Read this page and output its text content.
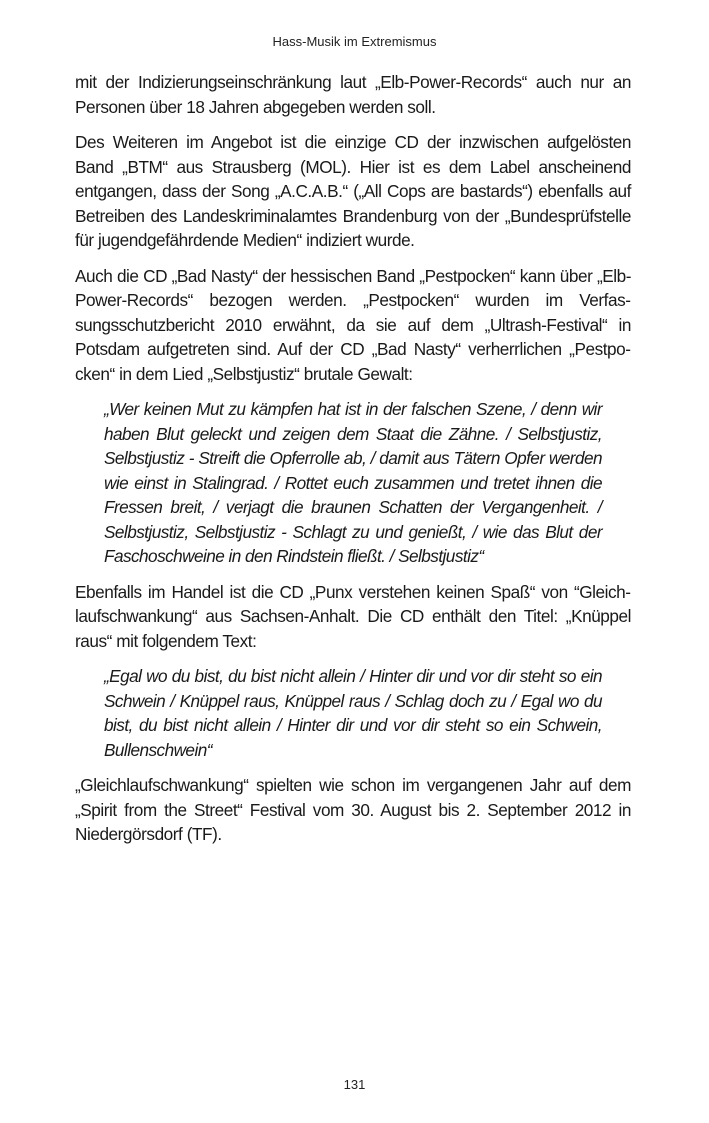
Hass-Musik im Extremismus

mit der Indizierungseinschränkung laut „Elb-Power-Records“ auch nur an Personen über 18 Jahren abgegeben werden soll.

Des Weiteren im Angebot ist die einzige CD der inzwischen aufgelösten Band „BTM“ aus Strausberg (MOL). Hier ist es dem Label anscheinend entgangen, dass der Song „A.C.A.B.“ („All Cops are bastards“) ebenfalls auf Betreiben des Landeskriminalamtes Brandenburg von der „Bundesprüfstelle für jugendgefährdende Medien“ indiziert wurde.

Auch die CD „Bad Nasty“ der hessischen Band „Pestpocken“ kann über „Elb-Power-Records“ bezogen werden. „Pestpocken“ wurden im Verfassungsschutzbericht 2010 erwähnt, da sie auf dem „Ultrash-Festival“ in Potsdam aufgetreten sind. Auf der CD „Bad Nasty“ verherrlichen „Pestpocken“ in dem Lied „Selbstjustiz“ brutale Gewalt:

„Wer keinen Mut zu kämpfen hat ist in der falschen Szene, / denn wir haben Blut geleckt und zeigen dem Staat die Zähne. / Selbstjustiz, Selbstjustiz - Streift die Opferrolle ab, / damit aus Tätern Opfer werden wie einst in Stalingrad. / Rottet euch zusammen und tretet ihnen die Fressen breit, / verjagt die braunen Schatten der Vergangenheit. / Selbstjustiz, Selbstjustiz - Schlagt zu und genießt, / wie das Blut der Faschoschweine in den Rindstein fließt. / Selbstjustiz“

Ebenfalls im Handel ist die CD „Punx verstehen keinen Spaß“ von “Gleichlaufschwankung“ aus Sachsen-Anhalt. Die CD enthält den Titel: „Knüppel raus“ mit folgendem Text:

„Egal wo du bist, du bist nicht allein / Hinter dir und vor dir steht so ein Schwein / Knüppel raus, Knüppel raus / Schlag doch zu / Egal wo du bist, du bist nicht allein / Hinter dir und vor dir steht so ein Schwein, Bullenschwein“

„Gleichlaufschwankung“ spielten wie schon im vergangenen Jahr auf dem „Spirit from the Street“ Festival vom 30. August bis 2. September 2012 in Niedergörsdorf (TF).

131
